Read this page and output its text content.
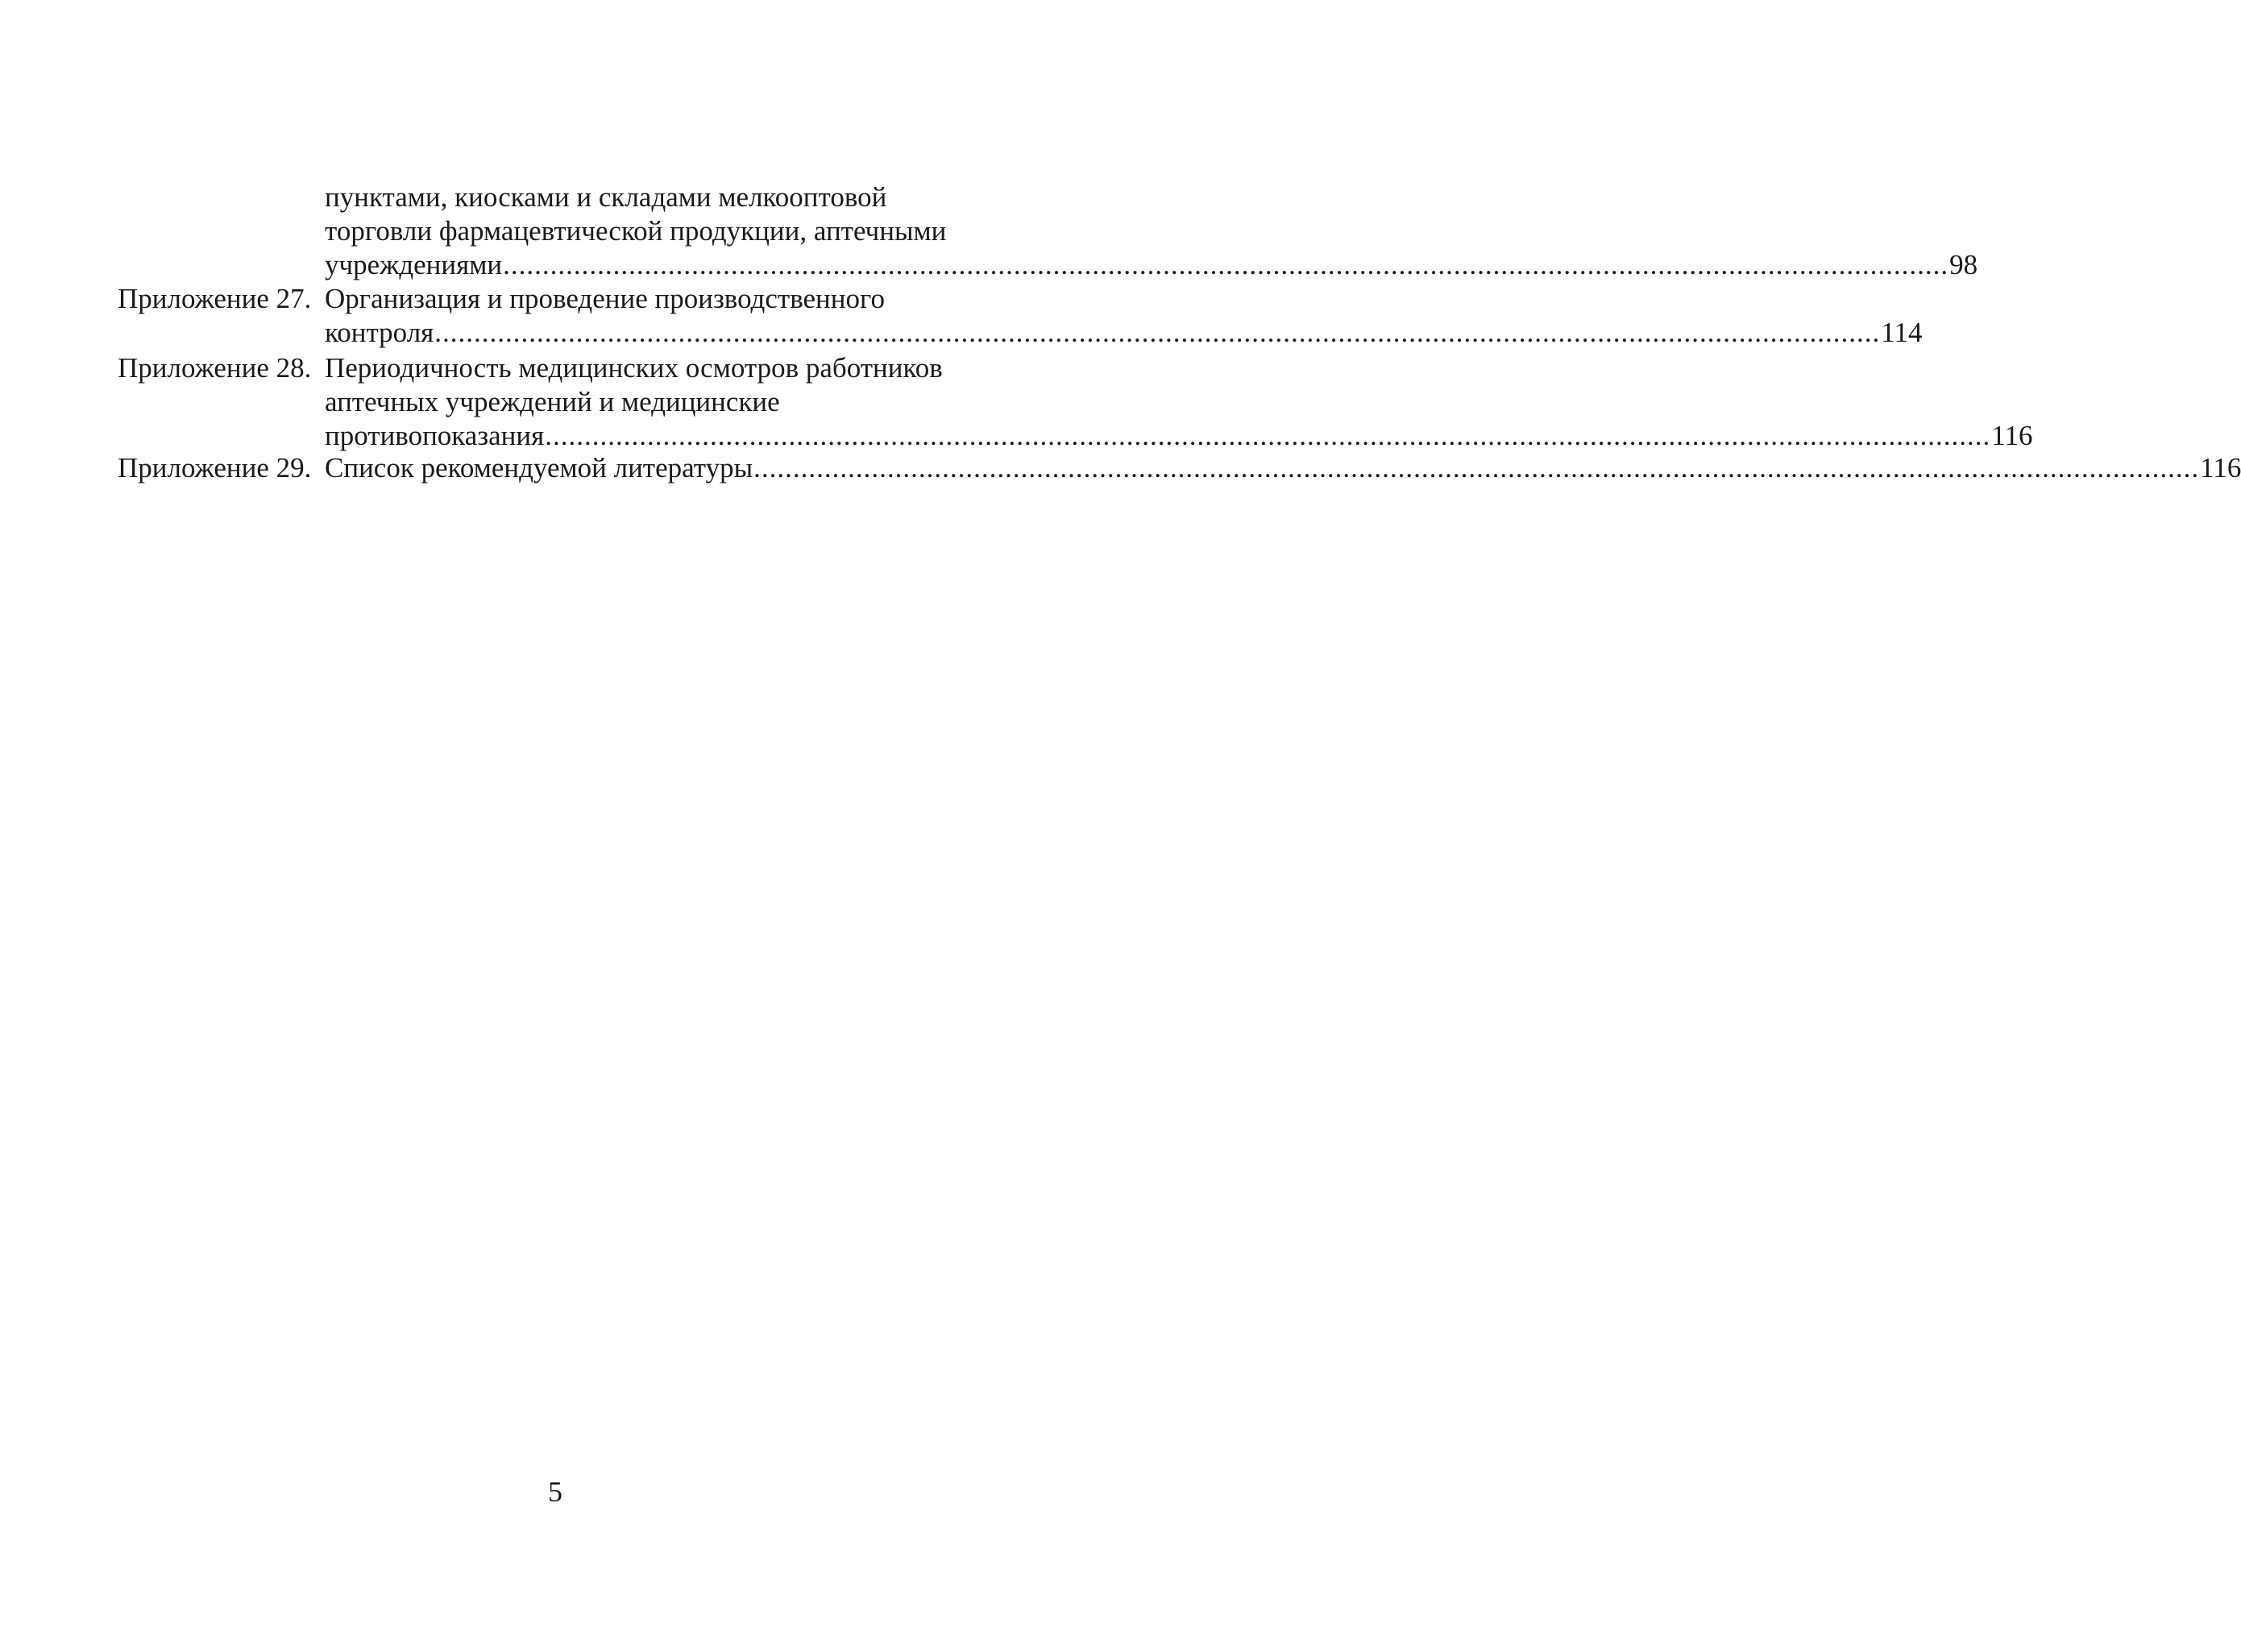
пунктами, киосками и складами мелкооптовой
торговли фармацевтической продукции, аптечными
учреждениями ........................................................................................................................................................................................ 98
Приложение 27. Организация и проведение производственного
контроля ........................................................................................................................................................................................ 114
Приложение 28. Периодичность медицинских осмотров работников
аптечных учреждений и медицинские
противопоказания ........................................................................................................................................................................................ 116
Приложение 29. Список рекомендуемой литературы ........................................................................................................................................................................................ 116
5
